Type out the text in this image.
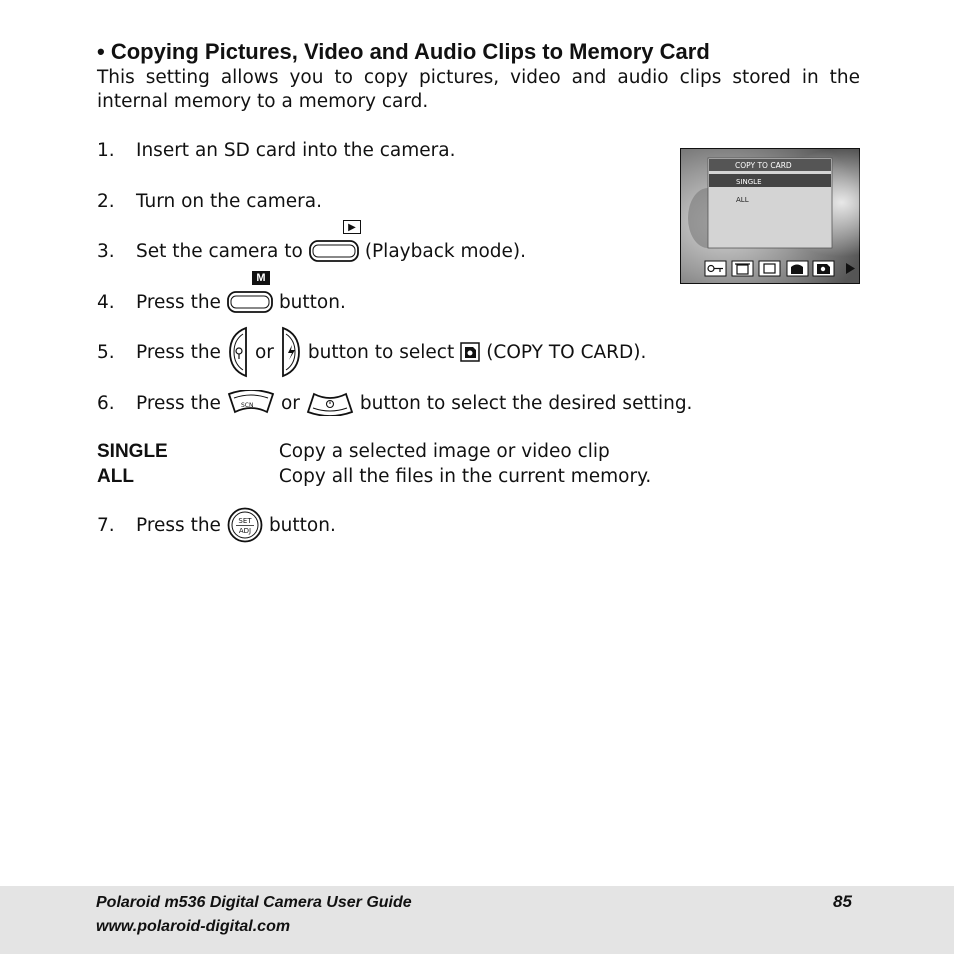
• Copying Pictures, Video and Audio Clips to Memory Card
This setting allows you to copy pictures, video and audio clips stored in the internal memory to a memory card.
1.	Insert an SD card into the camera.
2.	Turn on the camera.
3.	Set the camera to	(Playback mode).
▶
4.	Press the	button.
M
5.	Press the or button to select (COPY TO CARD).
6.	Press the	SCN or	button to select the desired setting.
SINGLE	Copy a selected image or video clip
ALL	Copy all the files in the current memory.
7.	Press the SET
ADJ button.
COPY TO CARD
SINGLE
ALL
Polaroid m536 Digital Camera User Guide
www.polaroid-digital.com
85
